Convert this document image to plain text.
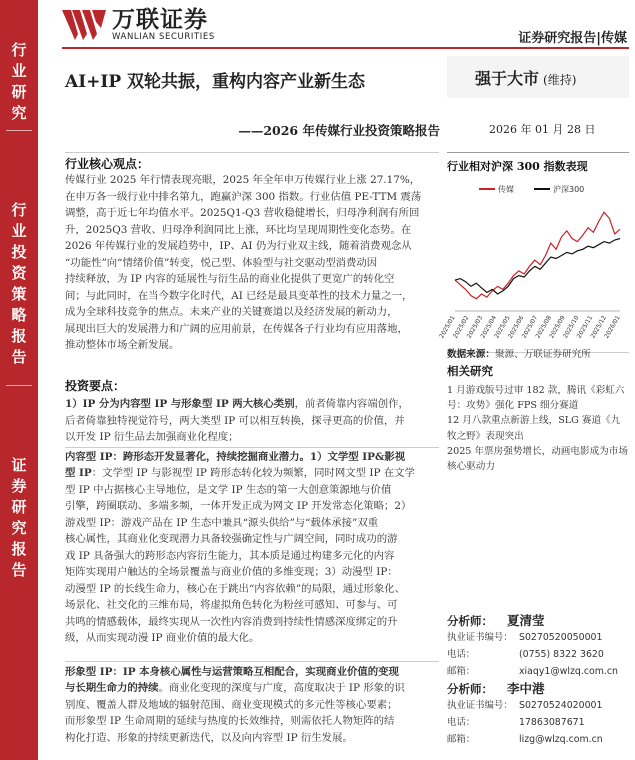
行
业
研
究
行
业
投
资
策
略
报
告
证
券
研
究
报
告
万联证券
WANLIAN SECURITIES	证券研究报告|传媒
AI+IP 双轮共振，重构内容产业新生态
——2026 年传媒行业投资策略报告
强于大市 (维持)
2026 年 01 月 28 日
行业核心观点：
传媒行业 2025 年行情表现亮眼，2025 年全年申万传媒行业上涨 27.17%，
在申万各一级行业中排名第九，跑赢沪深 300 指数。行业估值 PE-TTM 震荡
调整，高于近七年均值水平。2025Q1-Q3 营收稳健增长，归母净利润有所回
升，2025Q3 营收、归母净利润同比上涨，环比均呈现周期性变化态势。在
2026 年传媒行业的发展趋势中，IP、AI 仍为行业双主线，随着消费观念从
“功能性”向“情绪价值”转变，悦己型、体验型与社交驱动型消费动因
持续释放，为 IP 内容的延展性与衍生品的商业化提供了更宽广的转化空
间；与此同时，在当今数字化时代，AI 已经是最具变革性的技术力量之一，
成为全球科技竞争的焦点。未来产业的关键赛道以及经济发展的新动力，
展现出巨大的发展潜力和广阔的应用前景，在传媒各子行业均有应用落地，
推动整体市场全新发展。
投资要点：
1）IP 分为内容型 IP 与形象型 IP 两大核心类别，前者倚靠内容端创作，
后者倚靠独特视觉符号，两大类型 IP 可以相互转换，探寻更高的价值，并
以开发 IP 衍生品去加强商业化程度；
内容型 IP：跨形态开发显著化，持续挖掘商业潜力。1）文学型 IP&影视
型 IP：文学型 IP 与影视型 IP 跨形态转化较为频繁，同时网文型 IP 在文学
型 IP 中占据核心主导地位，是文学 IP 生态的第一大创意策源地与价值
引擎，跨圈联动、多端多频，一体开发正成为网文 IP 开发常态化策略；2）
游戏型 IP：游戏产品在 IP 生态中兼具“源头供给”与“载体承接”双重
核心属性，其商业化变现潜力具备较强确定性与广阔空间，同时成功的游
戏 IP 具备强大的跨形态内容衍生能力，其本质是通过构建多元化的内容
矩阵实现用户触达的全场景覆盖与商业价值的多维变现；3）动漫型 IP：
动漫型 IP 的长线生命力，核心在于跳出“内容依赖”的局限，通过形象化、
场景化、社交化的三维布局，将虚拟角色转化为粉丝可感知、可参与、可
共鸣的情感载体，最终实现从一次性内容消费到持续性情感深度绑定的升
级，从而实现动漫 IP 商业价值的最大化。
形象型 IP：IP 本身核心属性与运营策略互相配合，实现商业价值的变现
与长期生命力的持续。商业化变现的深度与广度，高度取决于 IP 形象的识
别度、覆盖人群及地域的辐射范围、商业变现模式的多元性等核心要素；
而形象型 IP 生命周期的延续与热度的长效维持，则需依托人物矩阵的结
构化打造、形象的持续更新迭代，以及向内容型 IP 衍生发展。
行业相对沪深 300 指数表现
传媒	沪深300
2025/01
2025/02
2025/03
2025/04
2025/05
2025/06
2025/07
2025/08
2025/09
2025/10
2025/11
2025/12
2026/01
数据来源：聚源、万联证券研究所
相关研究
1 月游戏版号过审 182 款，腾讯《彩虹六号：攻势》强化 FPS 细分赛道
12 月八款重点新游上线，SLG 赛道《九牧之野》表现突出
2025 年票房强势增长，动画电影成为市场核心驱动力
分析师： 夏清莹
执业证书编号： S0270520050001
电话：	(0755) 8322 3620
邮箱：	xiaqy1@wlzq.com.cn
分析师： 李中港
执业证书编号： S0270524020001
电话：	17863087671
邮箱：	lizg@wlzq.com.cn
